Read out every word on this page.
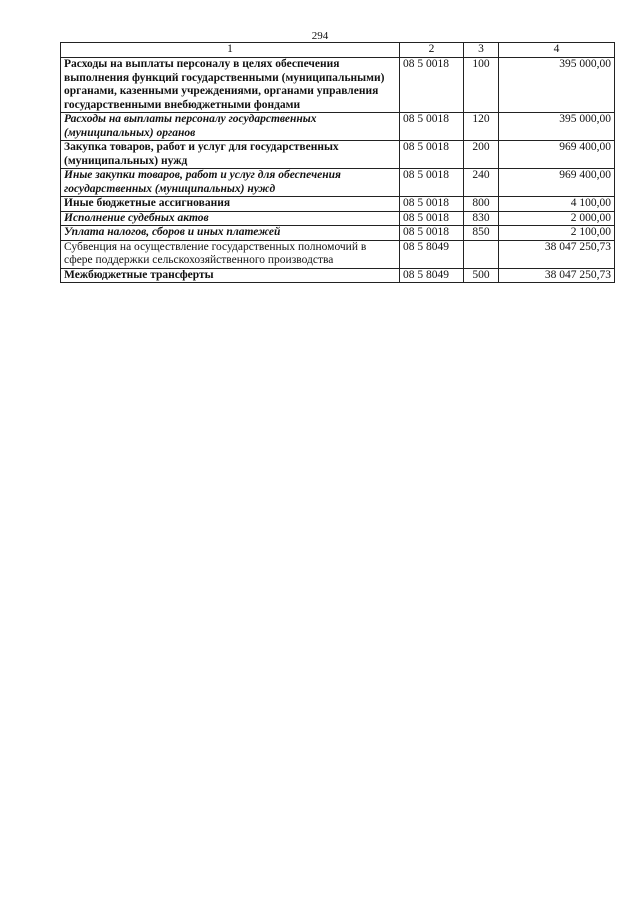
294
1	2	3	4
Расходы на выплаты персоналу в целях обеспечения выполнения функций государственными (муниципальными) органами, казенными учреждениями, органами управления государственными внебюджетными фондами	08 5 0018	100	395 000,00
Расходы на выплаты персоналу государственных (муниципальных) органов	08 5 0018	120	395 000,00
Закупка товаров, работ и услуг для государственных (муниципальных) нужд	08 5 0018	200	969 400,00
Иные закупки товаров, работ и услуг для обеспечения государственных (муниципальных) нужд	08 5 0018	240	969 400,00
Иные бюджетные ассигнования	08 5 0018	800	4 100,00
Исполнение судебных актов	08 5 0018	830	2 000,00
Уплата налогов, сборов и иных платежей	08 5 0018	850	2 100,00
Субвенция на осуществление государственных полномочий в сфере поддержки сельскохозяйственного производства	08 5 8049		38 047 250,73
Межбюджетные трансферты	08 5 8049	500	38 047 250,73
